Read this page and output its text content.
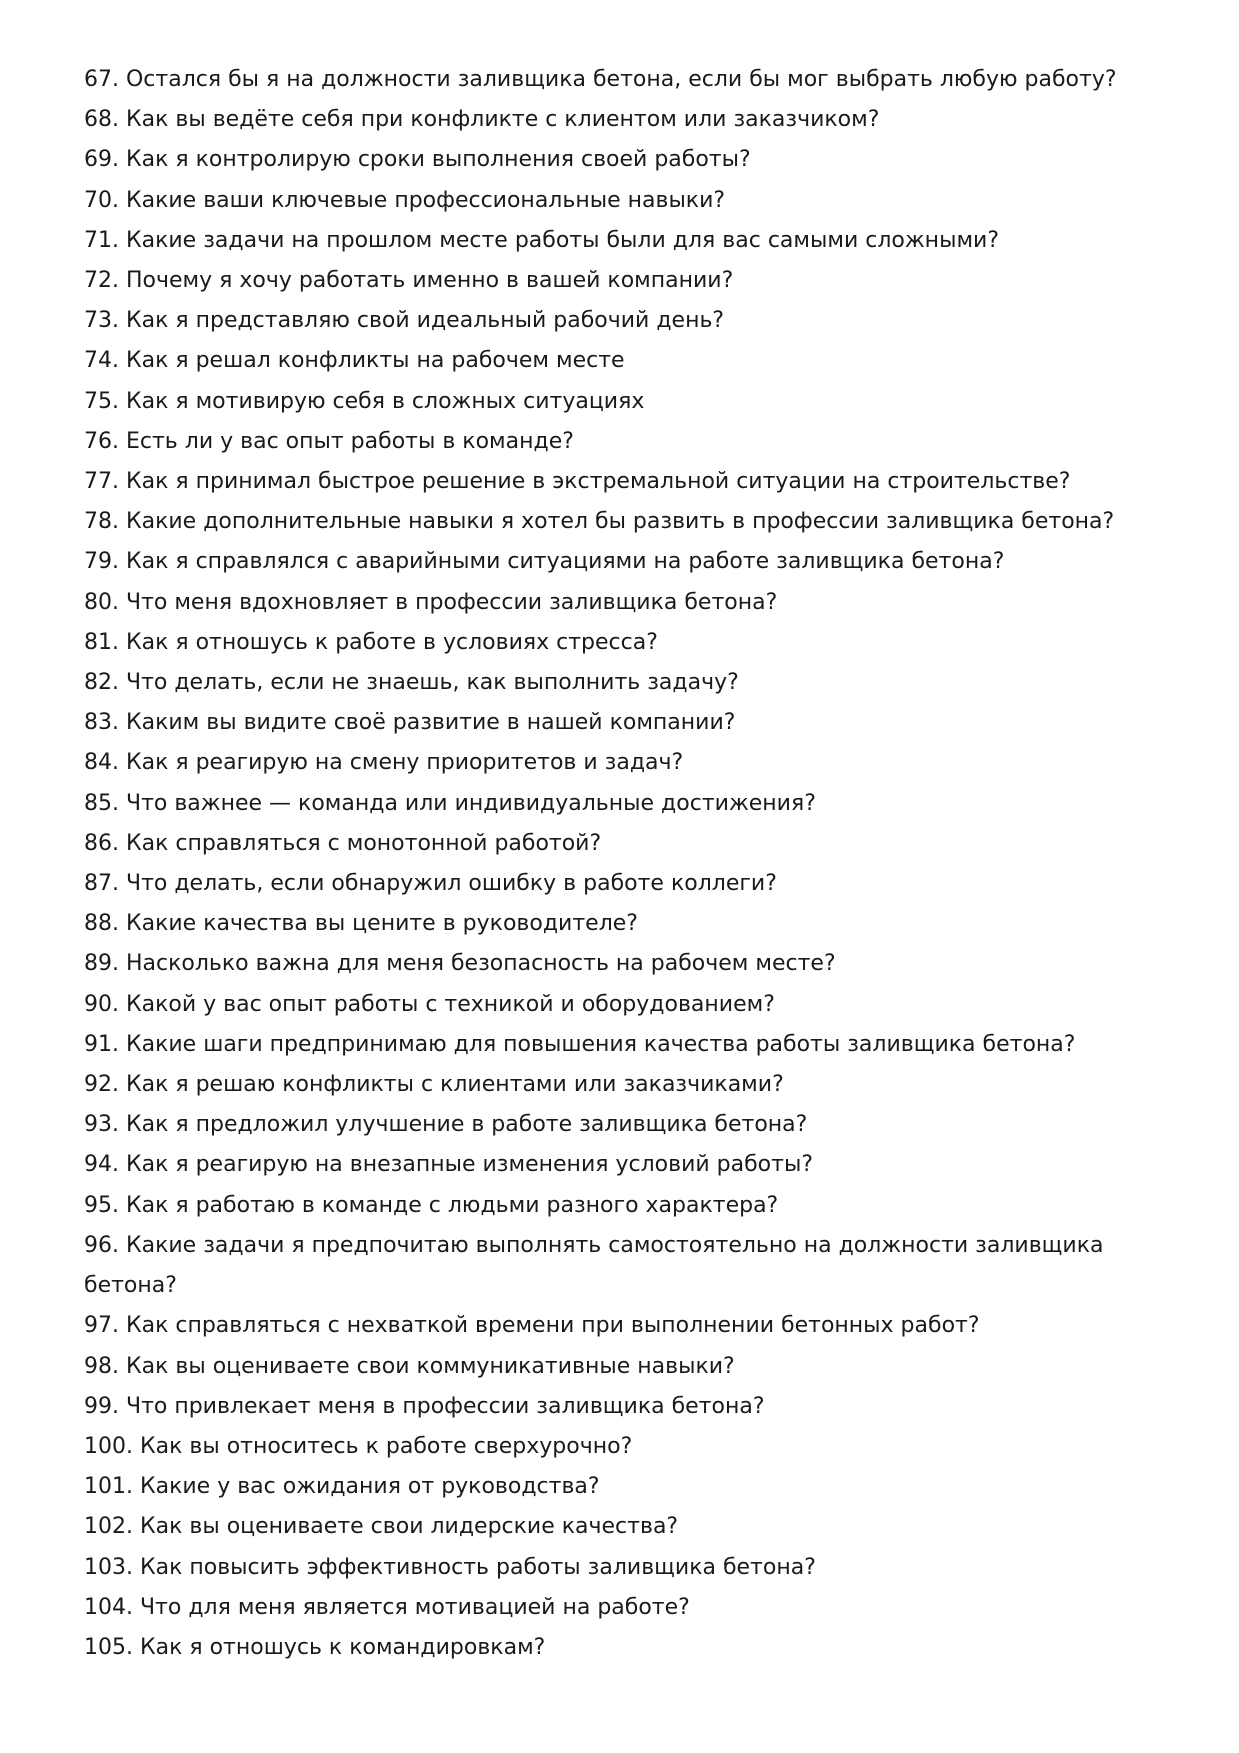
67. Остался бы я на должности заливщика бетона, если бы мог выбрать любую работу?
68. Как вы ведёте себя при конфликте с клиентом или заказчиком?
69. Как я контролирую сроки выполнения своей работы?
70. Какие ваши ключевые профессиональные навыки?
71. Какие задачи на прошлом месте работы были для вас самыми сложными?
72. Почему я хочу работать именно в вашей компании?
73. Как я представляю свой идеальный рабочий день?
74. Как я решал конфликты на рабочем месте
75. Как я мотивирую себя в сложных ситуациях
76. Есть ли у вас опыт работы в команде?
77. Как я принимал быстрое решение в экстремальной ситуации на строительстве?
78. Какие дополнительные навыки я хотел бы развить в профессии заливщика бетона?
79. Как я справлялся с аварийными ситуациями на работе заливщика бетона?
80. Что меня вдохновляет в профессии заливщика бетона?
81. Как я отношусь к работе в условиях стресса?
82. Что делать, если не знаешь, как выполнить задачу?
83. Каким вы видите своё развитие в нашей компании?
84. Как я реагирую на смену приоритетов и задач?
85. Что важнее — команда или индивидуальные достижения?
86. Как справляться с монотонной работой?
87. Что делать, если обнаружил ошибку в работе коллеги?
88. Какие качества вы цените в руководителе?
89. Насколько важна для меня безопасность на рабочем месте?
90. Какой у вас опыт работы с техникой и оборудованием?
91. Какие шаги предпринимаю для повышения качества работы заливщика бетона?
92. Как я решаю конфликты с клиентами или заказчиками?
93. Как я предложил улучшение в работе заливщика бетона?
94. Как я реагирую на внезапные изменения условий работы?
95. Как я работаю в команде с людьми разного характера?
96. Какие задачи я предпочитаю выполнять самостоятельно на должности заливщика бетона?
97. Как справляться с нехваткой времени при выполнении бетонных работ?
98. Как вы оцениваете свои коммуникативные навыки?
99. Что привлекает меня в профессии заливщика бетона?
100. Как вы относитесь к работе сверхурочно?
101. Какие у вас ожидания от руководства?
102. Как вы оцениваете свои лидерские качества?
103. Как повысить эффективность работы заливщика бетона?
104. Что для меня является мотивацией на работе?
105. Как я отношусь к командировкам?
